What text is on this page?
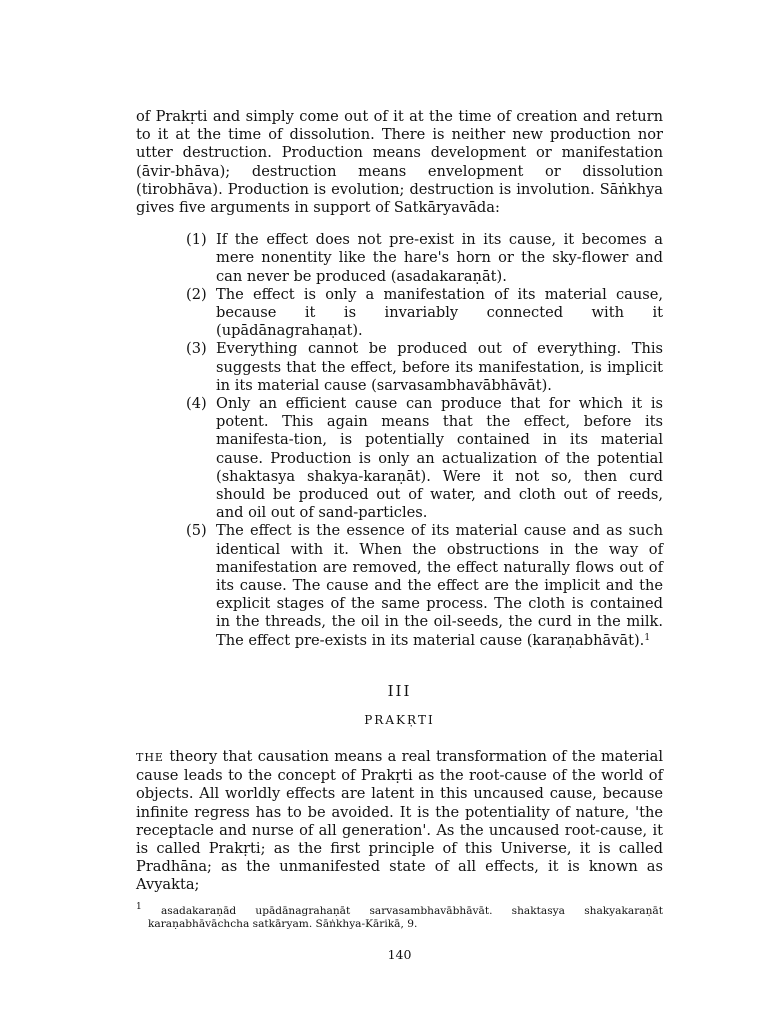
of Prakṛti and simply come out of it at the time of creation and return to it at the time of dissolution. There is neither new production nor utter destruction. Production means development or manifestation (āvir-bhāva); destruction means envelopment or dissolution (tirobhāva). Production is evolution; destruction is involution. Sāṅkhya gives five arguments in support of Satkāryavāda:

(1) If the effect does not pre-exist in its cause, it becomes a mere nonentity like the hare's horn or the sky-flower and can never be produced (asadakaraṇāt).
(2) The effect is only a manifestation of its material cause, because it is invariably connected with it (upādānagrahaṇat).
(3) Everything cannot be produced out of everything. This suggests that the effect, before its manifestation, is implicit in its material cause (sarvasambhavābhāvāt).
(4) Only an efficient cause can produce that for which it is potent. This again means that the effect, before its manifesta-tion, is potentially contained in its material cause. Production is only an actualization of the potential (shaktasya shakya-karaṇāt). Were it not so, then curd should be produced out of water, and cloth out of reeds, and oil out of sand-particles.
(5) The effect is the essence of its material cause and as such identical with it. When the obstructions in the way of manifestation are removed, the effect naturally flows out of its cause. The cause and the effect are the implicit and the explicit stages of the same process. The cloth is contained in the threads, the oil in the oil-seeds, the curd in the milk. The effect pre-exists in its material cause (karaṇabhāvāt).$^1$
III
PRAKṚTI

THE theory that causation means a real transformation of the material cause leads to the concept of Prakṛti as the root-cause of the world of objects. All worldly effects are latent in this uncaused cause, because infinite regress has to be avoided. It is the potentiality of nature, 'the receptacle and nurse of all generation'. As the uncaused root-cause, it is called Prakṛti; as the first principle of this Universe, it is called Pradhāna; as the unmanifested state of all effects, it is known as Avyakta;

$^1$ asadakaraṇād upādānagrahaṇāt sarvasambhavābhāvāt. shaktasya shakyakaraṇāt karaṇabhāvāchcha satkāryam. Sāṅkhya-Kārikā, 9.
140
